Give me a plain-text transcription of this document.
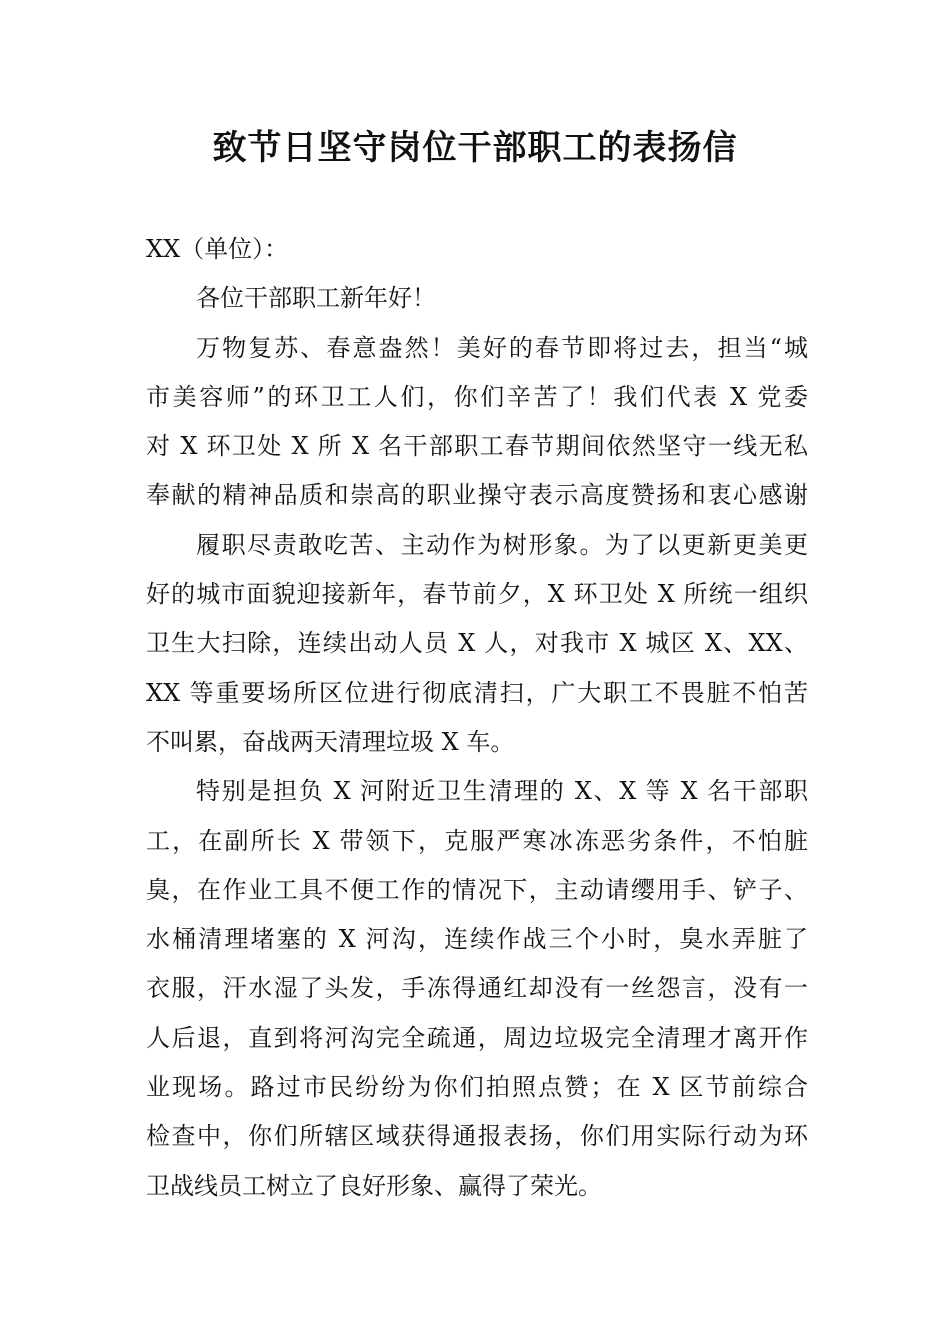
致节日坚守岗位干部职工的表扬信

XX（单位）：

各位干部职工新年好！

万物复苏、春意盎然！美好的春节即将过去，担当“城
市美容师”的环卫工人们，你们辛苦了！我们代表 X 党委
对 X 环卫处 X 所 X 名干部职工春节期间依然坚守一线无私
奉献的精神品质和崇高的职业操守表示高度赞扬和衷心感谢
履职尽责敢吃苦、主动作为树形象。为了以更新更美更
好的城市面貌迎接新年，春节前夕，X 环卫处 X 所统一组织
卫生大扫除，连续出动人员 X 人，对我市 X 城区 X、XX、
XX 等重要场所区位进行彻底清扫，广大职工不畏脏不怕苦
不叫累，奋战两天清理垃圾 X 车。
特别是担负 X 河附近卫生清理的 X、X 等 X 名干部职
工，在副所长 X 带领下，克服严寒冰冻恶劣条件，不怕脏
臭，在作业工具不便工作的情况下，主动请缨用手、铲子、
水桶清理堵塞的 X 河沟，连续作战三个小时，臭水弄脏了
衣服，汗水湿了头发，手冻得通红却没有一丝怨言，没有一
人后退，直到将河沟完全疏通，周边垃圾完全清理才离开作
业现场。路过市民纷纷为你们拍照点赞；在 X 区节前综合
检查中，你们所辖区域获得通报表扬，你们用实际行动为环
卫战线员工树立了良好形象、赢得了荣光。
